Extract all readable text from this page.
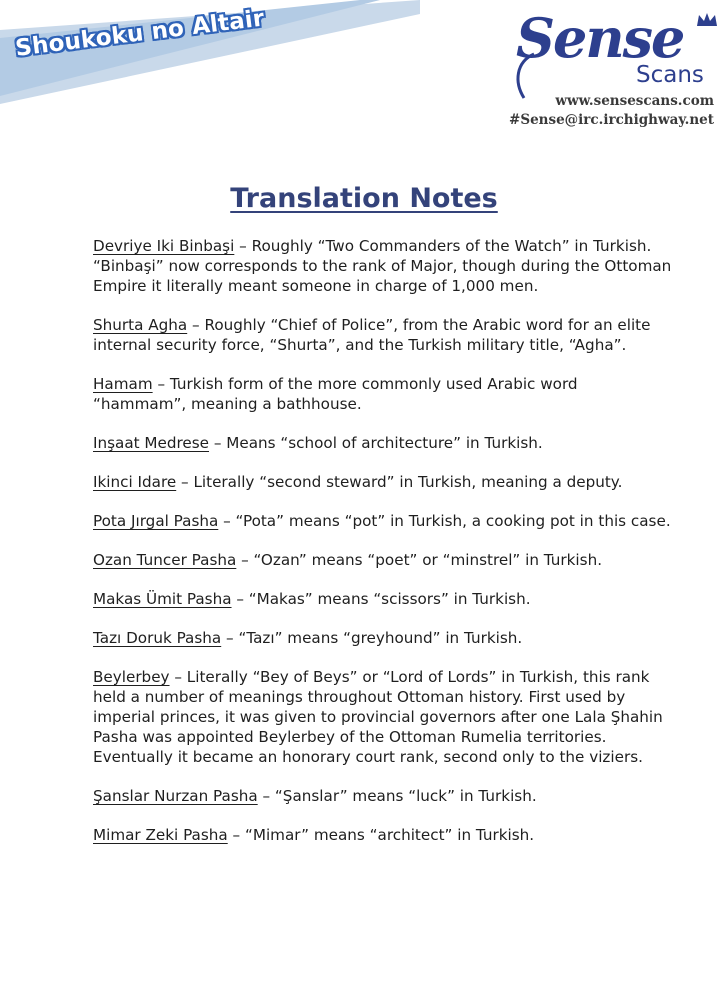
Shoukoku no Altair	Sense
Scans
www.sensescans.com
#Sense@irc.irchighway.net
Translation Notes

Devriye Iki Binbaşi – Roughly “Two Commanders of the Watch” in Turkish. “Binbaşi” now corresponds to the rank of Major, though during the Ottoman Empire it literally meant someone in charge of 1,000 men.

Shurta Agha – Roughly “Chief of Police”, from the Arabic word for an elite internal security force, “Shurta”, and the Turkish military title, “Agha”.

Hamam – Turkish form of the more commonly used Arabic word “hammam”, meaning a bathhouse.

Inşaat Medrese – Means “school of architecture” in Turkish.

Ikinci Idare – Literally “second steward” in Turkish, meaning a deputy.

Pota Jırgal Pasha – “Pota” means “pot” in Turkish, a cooking pot in this case.

Ozan Tuncer Pasha – “Ozan” means “poet” or “minstrel” in Turkish.

Makas Ümit Pasha – “Makas” means “scissors” in Turkish.

Tazı Doruk Pasha – “Tazı” means “greyhound” in Turkish.

Beylerbey – Literally “Bey of Beys” or “Lord of Lords” in Turkish, this rank held a number of meanings throughout Ottoman history. First used by imperial princes, it was given to provincial governors after one Lala Şhahin Pasha was appointed Beylerbey of the Ottoman Rumelia territories. Eventually it became an honorary court rank, second only to the viziers.

Şanslar Nurzan Pasha – “Şanslar” means “luck” in Turkish.

Mimar Zeki Pasha – “Mimar” means “architect” in Turkish.
